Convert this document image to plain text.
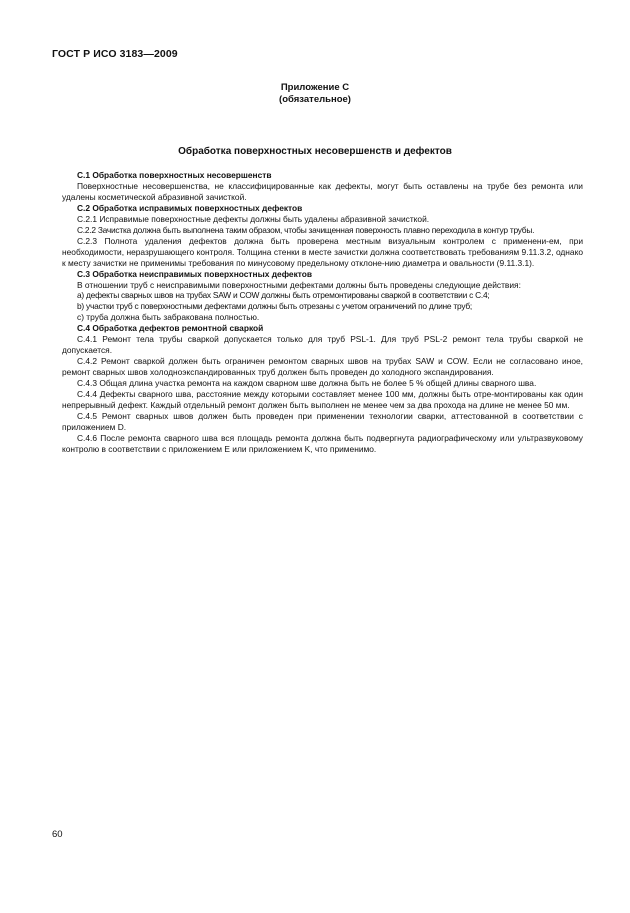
ГОСТ Р ИСО 3183—2009
Приложение С
(обязательное)
Обработка поверхностных несовершенств и дефектов

С.1 Обработка поверхностных несовершенств

Поверхностные несовершенства, не классифицированные как дефекты, могут быть оставлены на трубе без ремонта или удалены косметической абразивной зачисткой.

С.2 Обработка исправимых поверхностных дефектов

С.2.1 Исправимые поверхностные дефекты должны быть удалены абразивной зачисткой.

С.2.2 Зачистка должна быть выполнена таким образом, чтобы зачищенная поверхность плавно переходила в контур трубы.

С.2.3 Полнота удаления дефектов должна быть проверена местным визуальным контролем с применени-ем, при необходимости, неразрушающего контроля. Толщина стенки в месте зачистки должна соответствовать требованиям 9.11.3.2, однако к месту зачистки не применимы требования по минусовому предельному отклоне-нию диаметра и овальности (9.11.3.1).

С.3 Обработка неисправимых поверхностных дефектов

В отношении труб с неисправимыми поверхностными дефектами должны быть проведены следующие действия:

а) дефекты сварных швов на трубах SAW и COW должны быть отремонтированы сваркой в соответствии с С.4;

b) участки труб с поверхностными дефектами должны быть отрезаны с учетом ограничений по длине труб;

с) труба должна быть забракована полностью.

С.4 Обработка дефектов ремонтной сваркой

С.4.1 Ремонт тела трубы сваркой допускается только для труб PSL-1. Для труб PSL-2 ремонт тела трубы сваркой не допускается.

С.4.2 Ремонт сваркой должен быть ограничен ремонтом сварных швов на трубах SAW и COW. Если не согласовано иное, ремонт сварных швов холодноэкспандированных труб должен быть проведен до холодного экспандирования.

С.4.3 Общая длина участка ремонта на каждом сварном шве должна быть не более 5 % общей длины сварного шва.

С.4.4 Дефекты сварного шва, расстояние между которыми составляет менее 100 мм, должны быть отре-монтированы как один непрерывный дефект. Каждый отдельный ремонт должен быть выполнен не менее чем за два прохода на длине не менее 50 мм.

С.4.5 Ремонт сварных швов должен быть проведен при применении технологии сварки, аттестованной в соответствии с приложением D.

С.4.6 После ремонта сварного шва вся площадь ремонта должна быть подвергнута радиографическому или ультразвуковому контролю в соответствии с приложением Е или приложением K, что применимо.

60
